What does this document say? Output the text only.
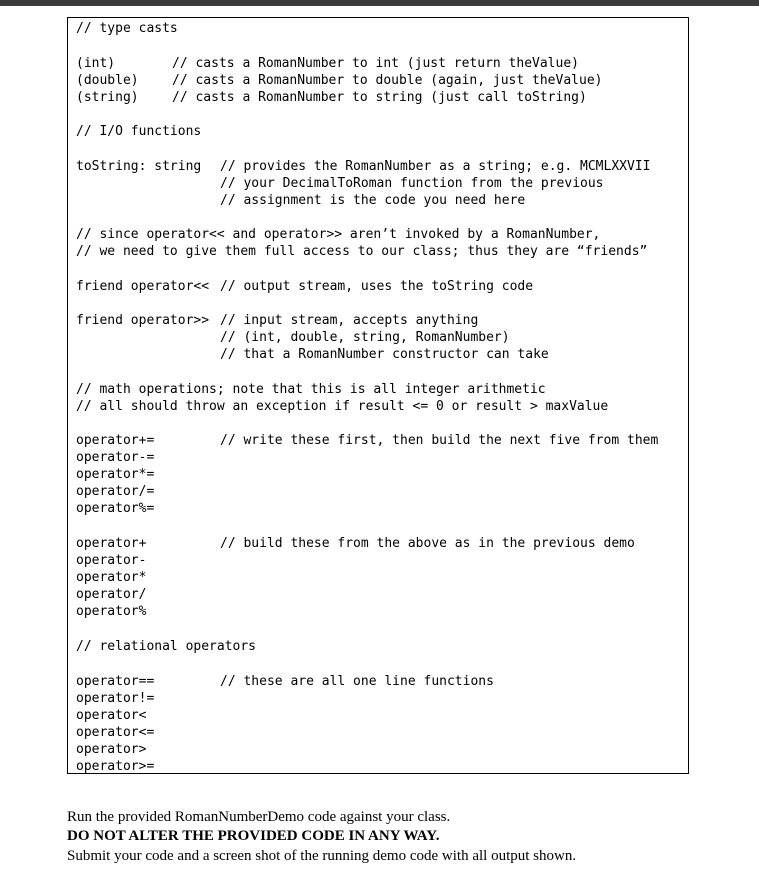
// type casts
(int)	// casts a RomanNumber to int (just return theValue)
(double)	// casts a RomanNumber to double (again, just theValue)
(string)	// casts a RomanNumber to string (just call toString)
// I/O functions
toString: string // provides the RomanNumber as a string; e.g. MCMLXXVII
// your DecimalToRoman function from the previous
// assignment is the code you need here
// since operator<< and operator>> aren’t invoked by a RomanNumber,
// we need to give them full access to our class; thus they are “friends”
friend operator<< // output stream, uses the toString code
friend operator>> // input stream, accepts anything
// (int, double, string, RomanNumber)
// that a RomanNumber constructor can take
// math operations; note that this is all integer arithmetic
// all should throw an exception if result <= 0 or result > maxValue
operator+=	// write these first, then build the next five from them
operator-=
operator*=
operator/=
operator%=
operator+	// build these from the above as in the previous demo
operator-
operator*
operator/
operator%
// relational operators
operator==	// these are all one line functions
operator!=
operator<
operator<=
operator>
operator>=
Run the provided RomanNumberDemo code against your class.
DO NOT ALTER THE PROVIDED CODE IN ANY WAY.
Submit your code and a screen shot of the running demo code with all output shown.
